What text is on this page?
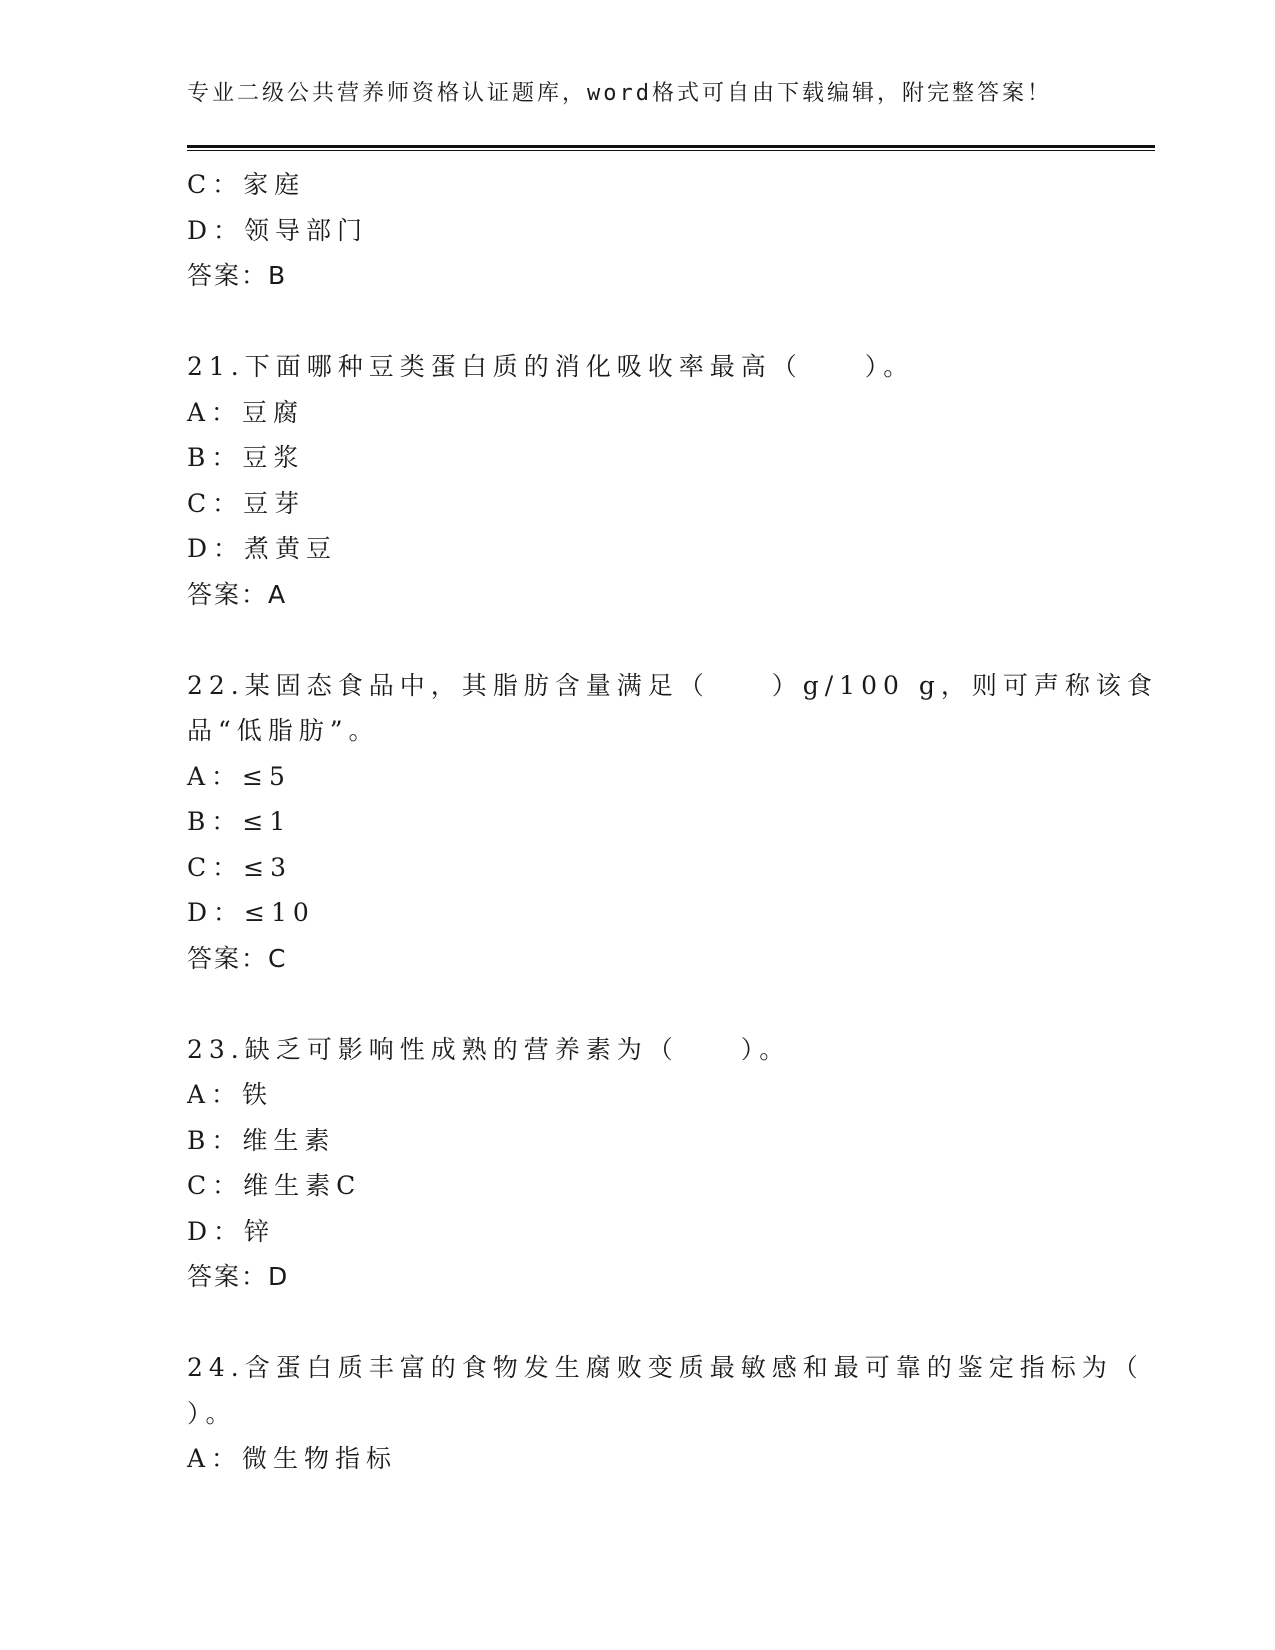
专业二级公共营养师资格认证题库，word格式可自由下载编辑，附完整答案！
C：家庭
D：领导部门
答案：B
21.下面哪种豆类蛋白质的消化吸收率最高（　　）。
A：豆腐
B：豆浆
C：豆芽
D：煮黄豆
答案：A
22.某固态食品中，其脂肪含量满足（　　）g/100 g，则可声称该食
品“低脂肪”。
A：≤5
B：≤1
C：≤3
D：≤10
答案：C
23.缺乏可影响性成熟的营养素为（　　）。
A：铁
B：维生素
C：维生素C
D：锌
答案：D
24.含蛋白质丰富的食物发生腐败变质最敏感和最可靠的鉴定指标为（
）。
A：微生物指标
